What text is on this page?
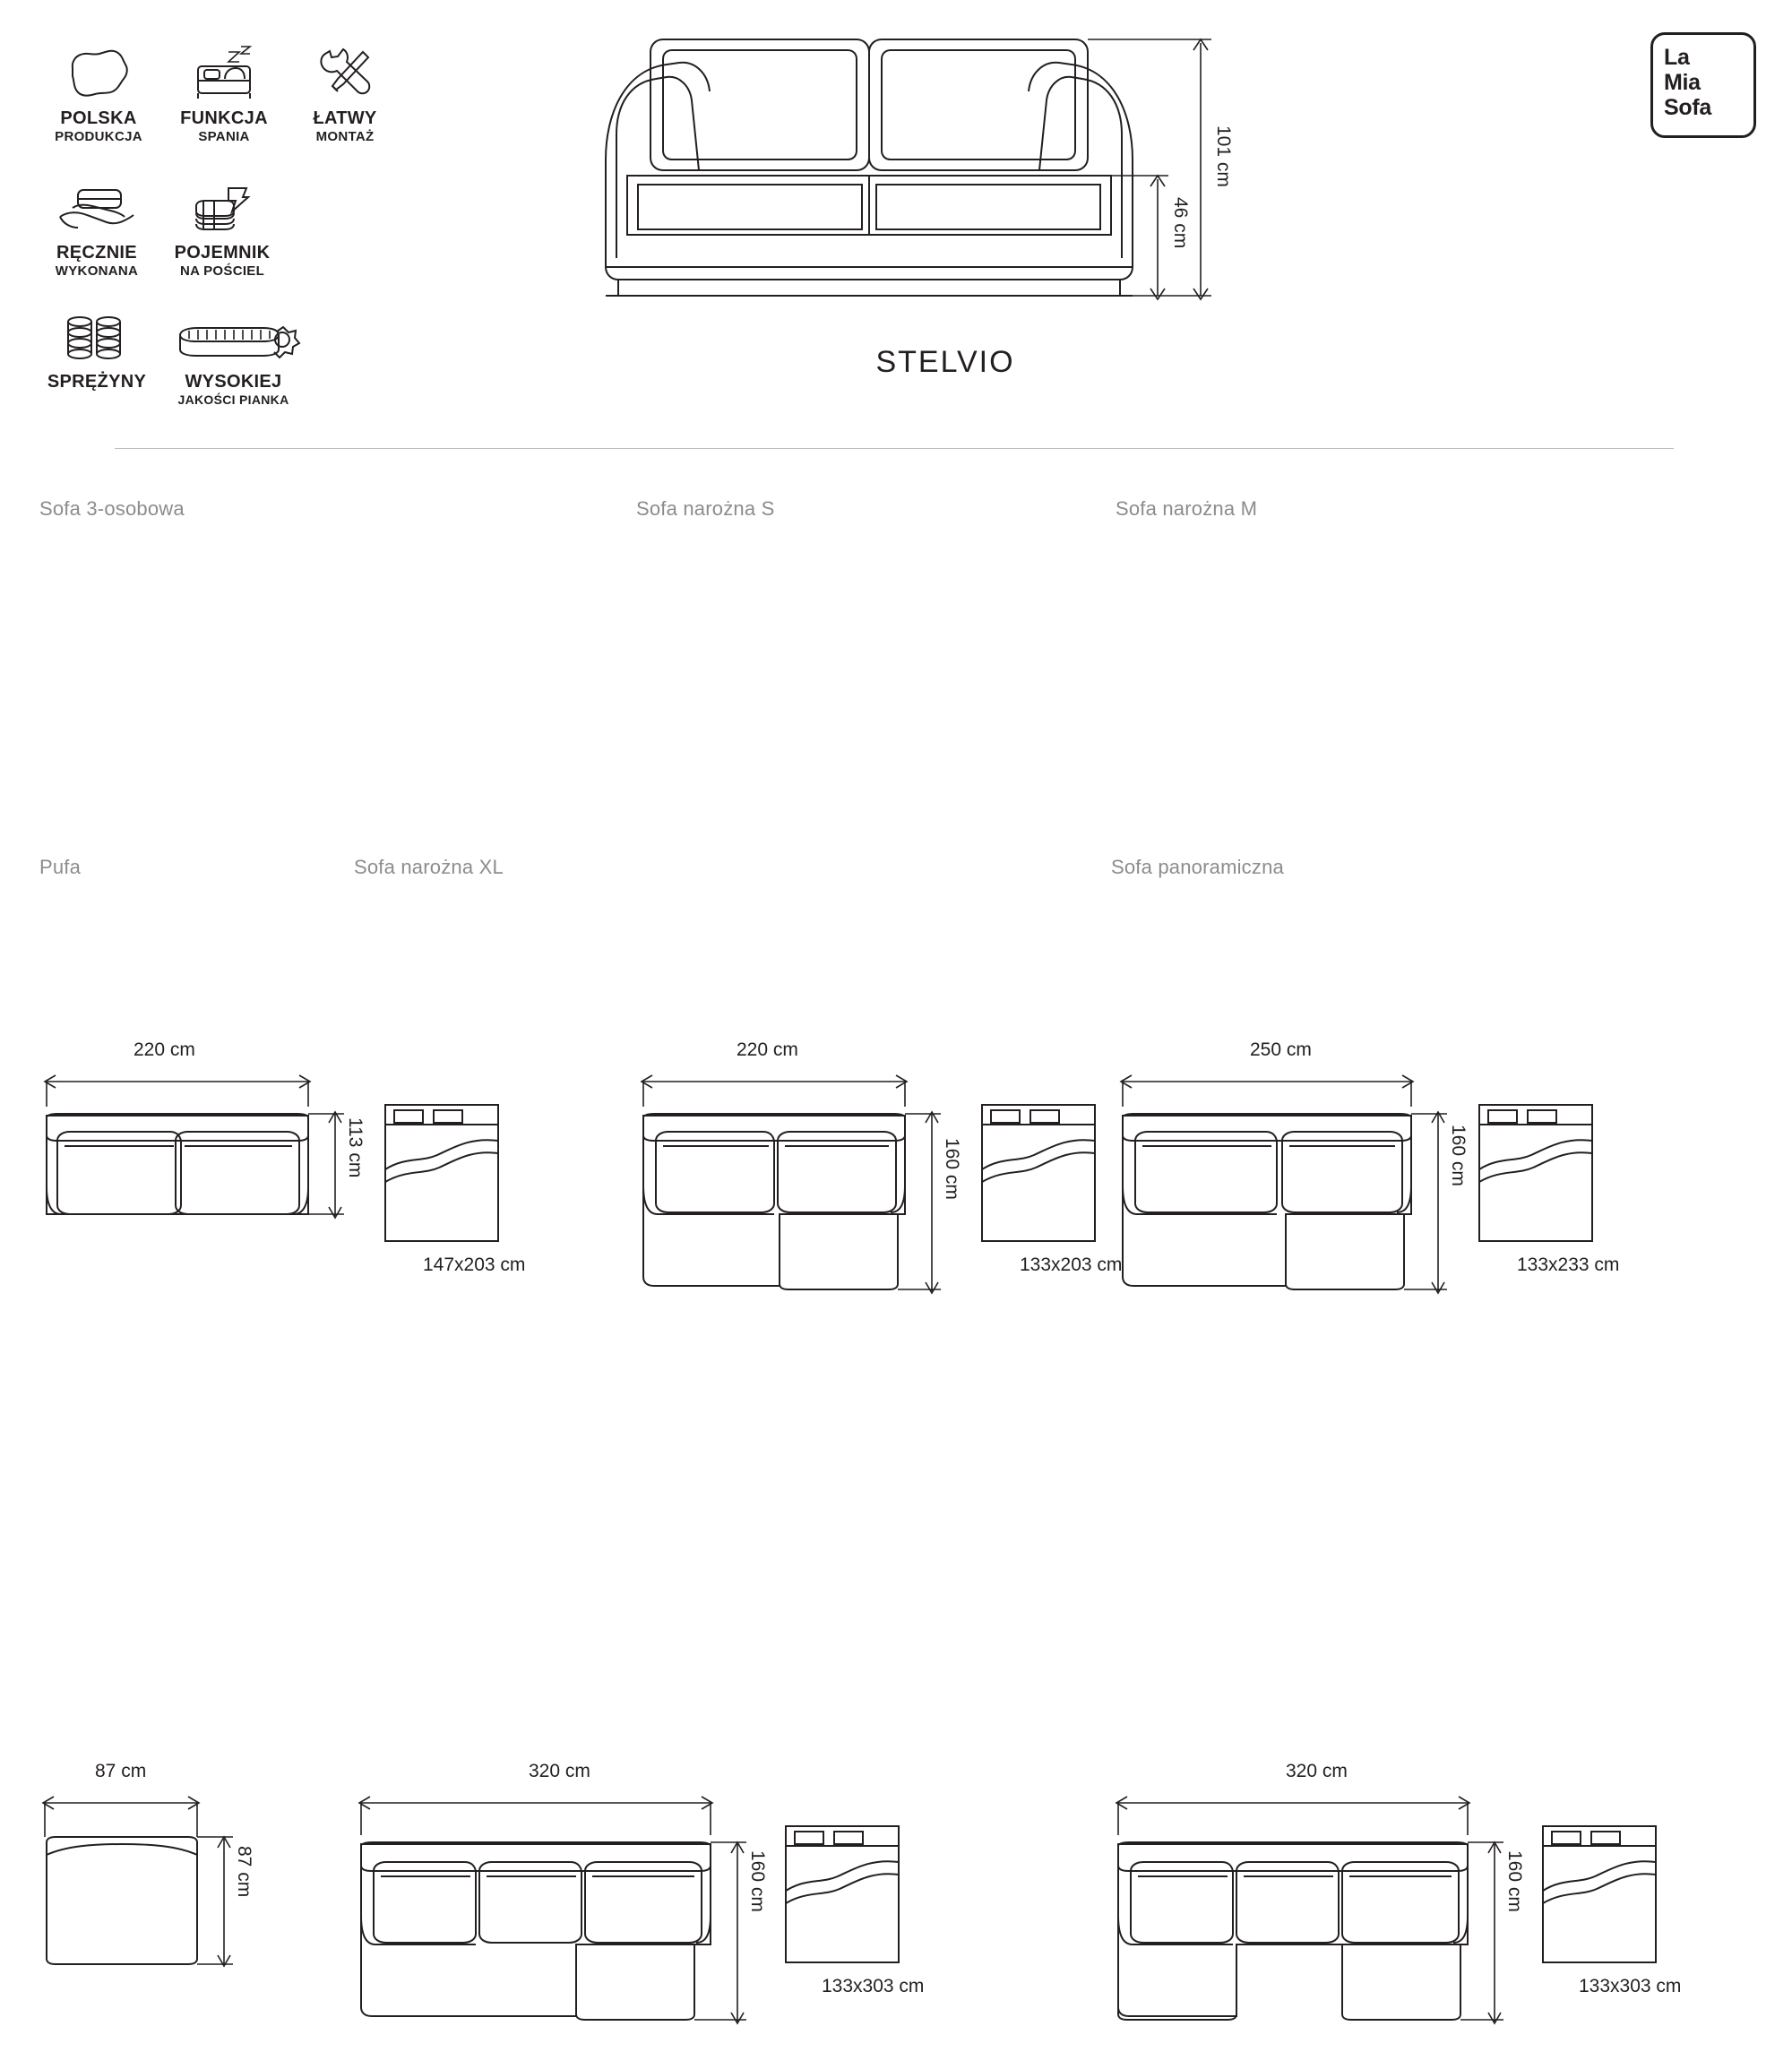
POLSKA
PRODUKCJA
FUNKCJA
SPANIA
ŁATWY
MONTAŻ
RĘCZNIE
WYKONANA
POJEMNIK
NA POŚCIEL
SPRĘŻYNY	WYSOKIEJ
JAKOŚCI PIANKA
101 cm
46 cm
STELVIO
La
Mia
Sofa
Sofa 3-osobowa
220 cm
113 cm
147x203 cm
Sofa narożna S
220 cm
160 cm
133x203 cm
Sofa narożna M
250 cm
160 cm
133x233 cm
Pufa
87 cm
87 cm
Sofa narożna XL
320 cm
160 cm
133x303 cm
Sofa panoramiczna
320 cm
160 cm
133x303 cm
